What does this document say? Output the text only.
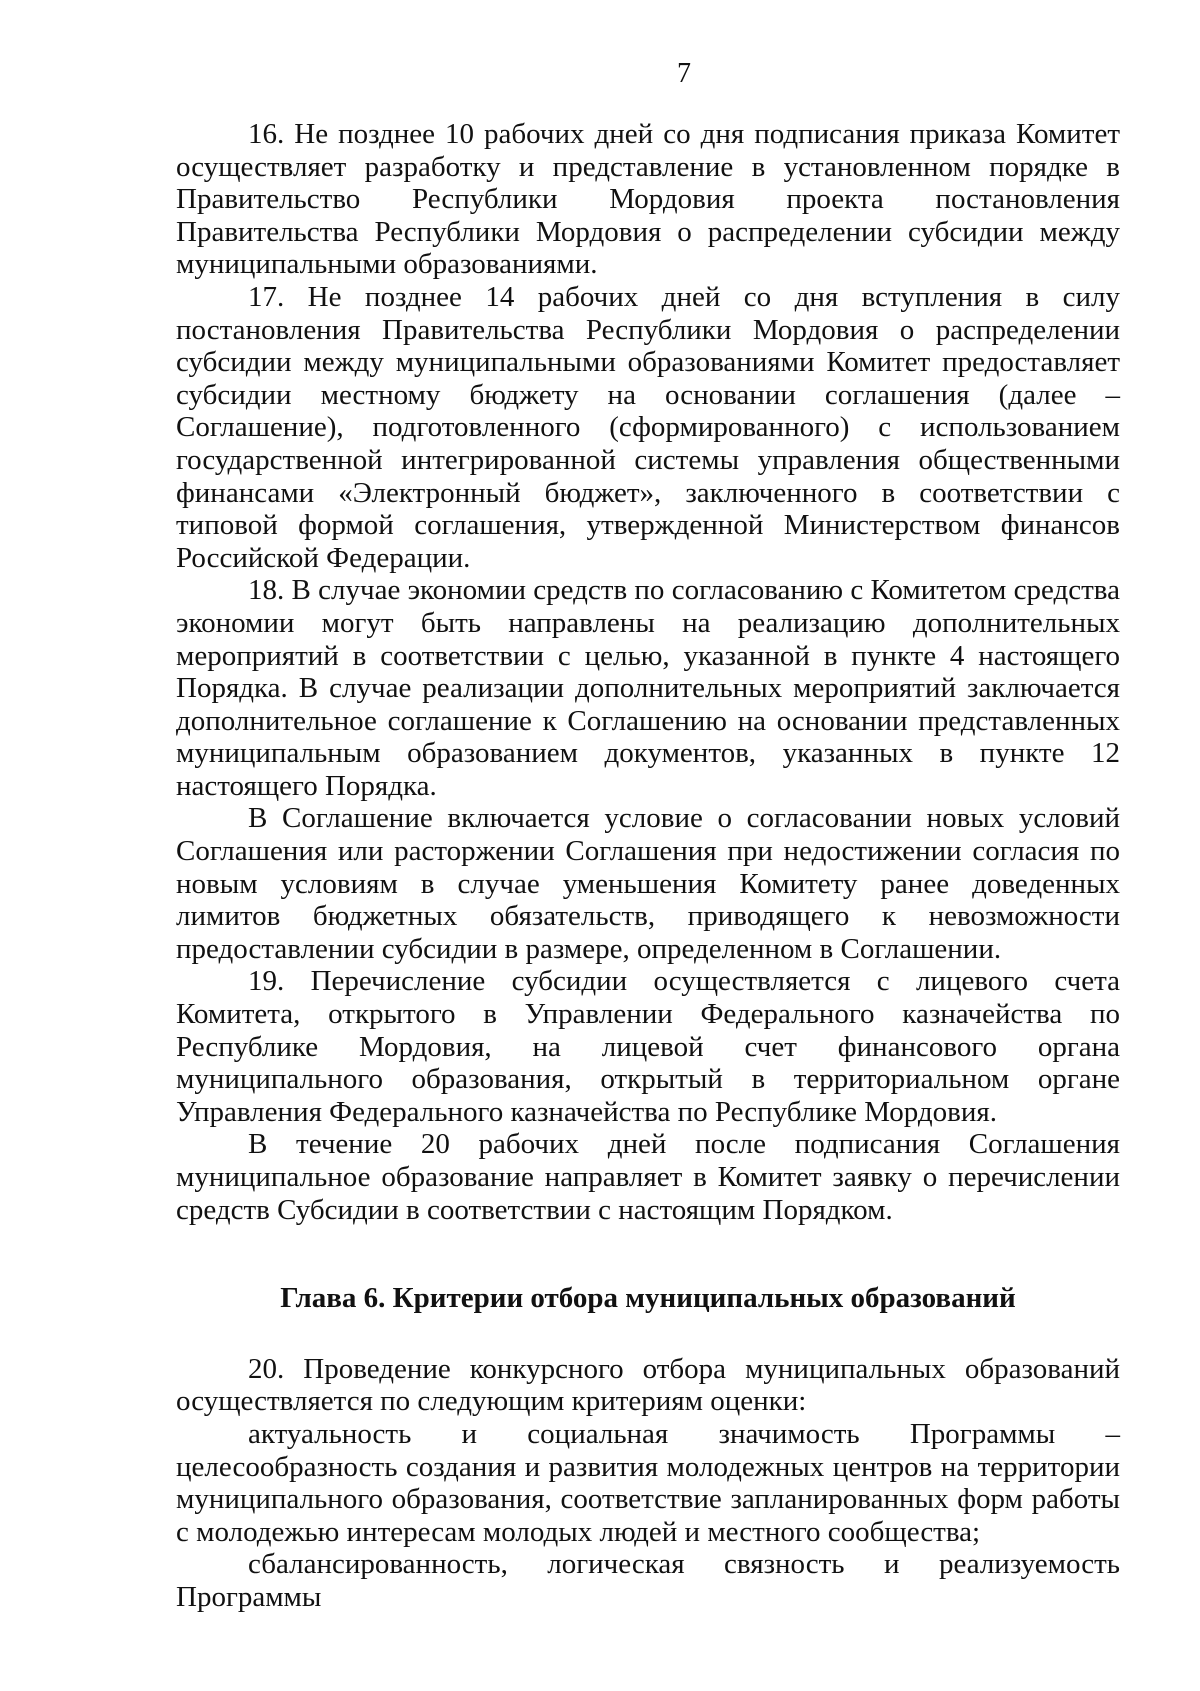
7

16. Не позднее 10 рабочих дней со дня подписания приказа Комитет осуществляет разработку и представление в установленном порядке в Правительство Республики Мордовия проекта постановления Правительства Республики Мордовия о распределении субсидии между муниципальными образованиями.

17. Не позднее 14 рабочих дней со дня вступления в силу постановления Правительства Республики Мордовия о распределении субсидии между муниципальными образованиями Комитет предоставляет субсидии местному бюджету на основании соглашения (далее – Соглашение), подготовленного (сформированного) с использованием государственной интегрированной системы управления общественными финансами «Электронный бюджет», заключенного в соответствии с типовой формой соглашения, утвержденной Министерством финансов Российской Федерации.

18. В случае экономии средств по согласованию с Комитетом средства экономии могут быть направлены на реализацию дополнительных мероприятий в соответствии с целью, указанной в пункте 4 настоящего Порядка. В случае реализации дополнительных мероприятий заключается дополнительное соглашение к Соглашению на основании представленных муниципальным образованием документов, указанных в пункте 12 настоящего Порядка.

В Соглашение включается условие о согласовании новых условий Соглашения или расторжении Соглашения при недостижении согласия по новым условиям в случае уменьшения Комитету ранее доведенных лимитов бюджетных обязательств, приводящего к невозможности предоставлении субсидии в размере, определенном в Соглашении.

19. Перечисление субсидии осуществляется с лицевого счета Комитета, открытого в Управлении Федерального казначейства по Республике Мордовия, на лицевой счет финансового органа муниципального образования, открытый в территориальном органе Управления Федерального казначейства по Республике Мордовия.

В течение 20 рабочих дней после подписания Соглашения муниципальное образование направляет в Комитет заявку о перечислении средств Субсидии в соответствии с настоящим Порядком.

Глава 6. Критерии отбора муниципальных образований

20. Проведение конкурсного отбора муниципальных образований осуществляется по следующим критериям оценки:

актуальность и социальная значимость Программы – целесообразность создания и развития молодежных центров на территории муниципального образования, соответствие запланированных форм работы с молодежью интересам молодых людей и местного сообщества;

сбалансированность, логическая связность и реализуемость Программы
